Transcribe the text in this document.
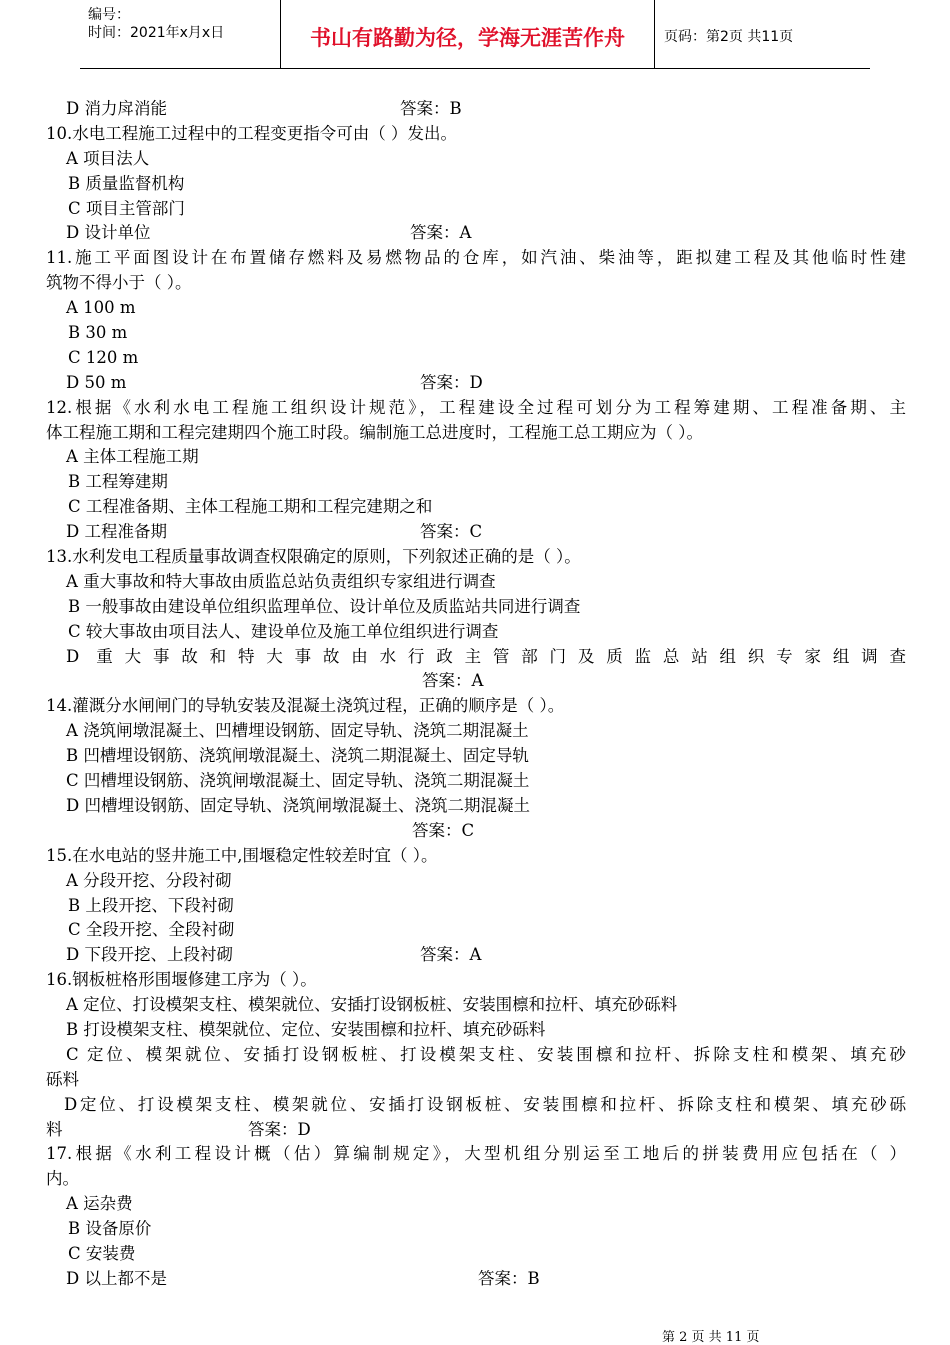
编号：
时间：2021年x月x日	书山有路勤为径，学海无涯苦作舟	页码：第2页 共11页
D 消力戽消能	答案：B
10.水电工程施工过程中的工程变更指令可由（ ）发出。
A 项目法人
B 质量监督机构
C 项目主管部门
D 设计单位	答案：A
11.施工平面图设计在布置储存燃料及易燃物品的仓库，如汽油、柴油等，距拟建工程及其他临时性建
筑物不得小于（ ）。
A 100 m
B 30 m
C 120 m
D 50 m	答案：D
12.根据《水利水电工程施工组织设计规范》，工程建设全过程可划分为工程筹建期、工程准备期、主
体工程施工期和工程完建期四个施工时段。编制施工总进度时，工程施工总工期应为（ ）。
A 主体工程施工期
B 工程筹建期
C 工程准备期、主体工程施工期和工程完建期之和
D 工程准备期	答案：C
13.水利发电工程质量事故调查权限确定的原则，下列叙述正确的是（ ）。
A 重大事故和特大事故由质监总站负责组织专家组进行调查
B 一般事故由建设单位组织监理单位、设计单位及质监站共同进行调查
C 较大事故由项目法人、建设单位及施工单位组织进行调查
D 重大事故和特大事故由水行政主管部门及质监总站组织专家组调查
答案：A
14.灌溉分水闸闸门的导轨安装及混凝土浇筑过程，正确的顺序是（ ）。
A 浇筑闸墩混凝土、凹槽埋设钢筋、固定导轨、浇筑二期混凝土
B 凹槽埋设钢筋、浇筑闸墩混凝土、浇筑二期混凝土、固定导轨
C 凹槽埋设钢筋、浇筑闸墩混凝土、固定导轨、浇筑二期混凝土
D 凹槽埋设钢筋、固定导轨、浇筑闸墩混凝土、浇筑二期混凝土
答案：C
15.在水电站的竖井施工中,围堰稳定性较差时宜（ ）。
A 分段开挖、分段衬砌
B 上段开挖、下段衬砌
C 全段开挖、全段衬砌
D 下段开挖、上段衬砌	答案：A
16.钢板桩格形围堰修建工序为（ ）。
A 定位、打设模架支柱、模架就位、安插打设钢板桩、安装围檩和拉杆、填充砂砾料
B 打设模架支柱、模架就位、定位、安装围檩和拉杆、填充砂砾料
C 定位、模架就位、安插打设钢板桩、打设模架支柱、安装围檩和拉杆、拆除支柱和模架、填充砂
砾料
D定位、打设模架支柱、模架就位、安插打设钢板桩、安装围檩和拉杆、拆除支柱和模架、填充砂砾
料	答案：D
17.根据《水利工程设计概（估）算编制规定》，大型机组分别运至工地后的拼装费用应包括在（ ）
内。
A 运杂费
B 设备原价
C 安装费
D 以上都不是	答案：B
第 2 页 共 11 页
